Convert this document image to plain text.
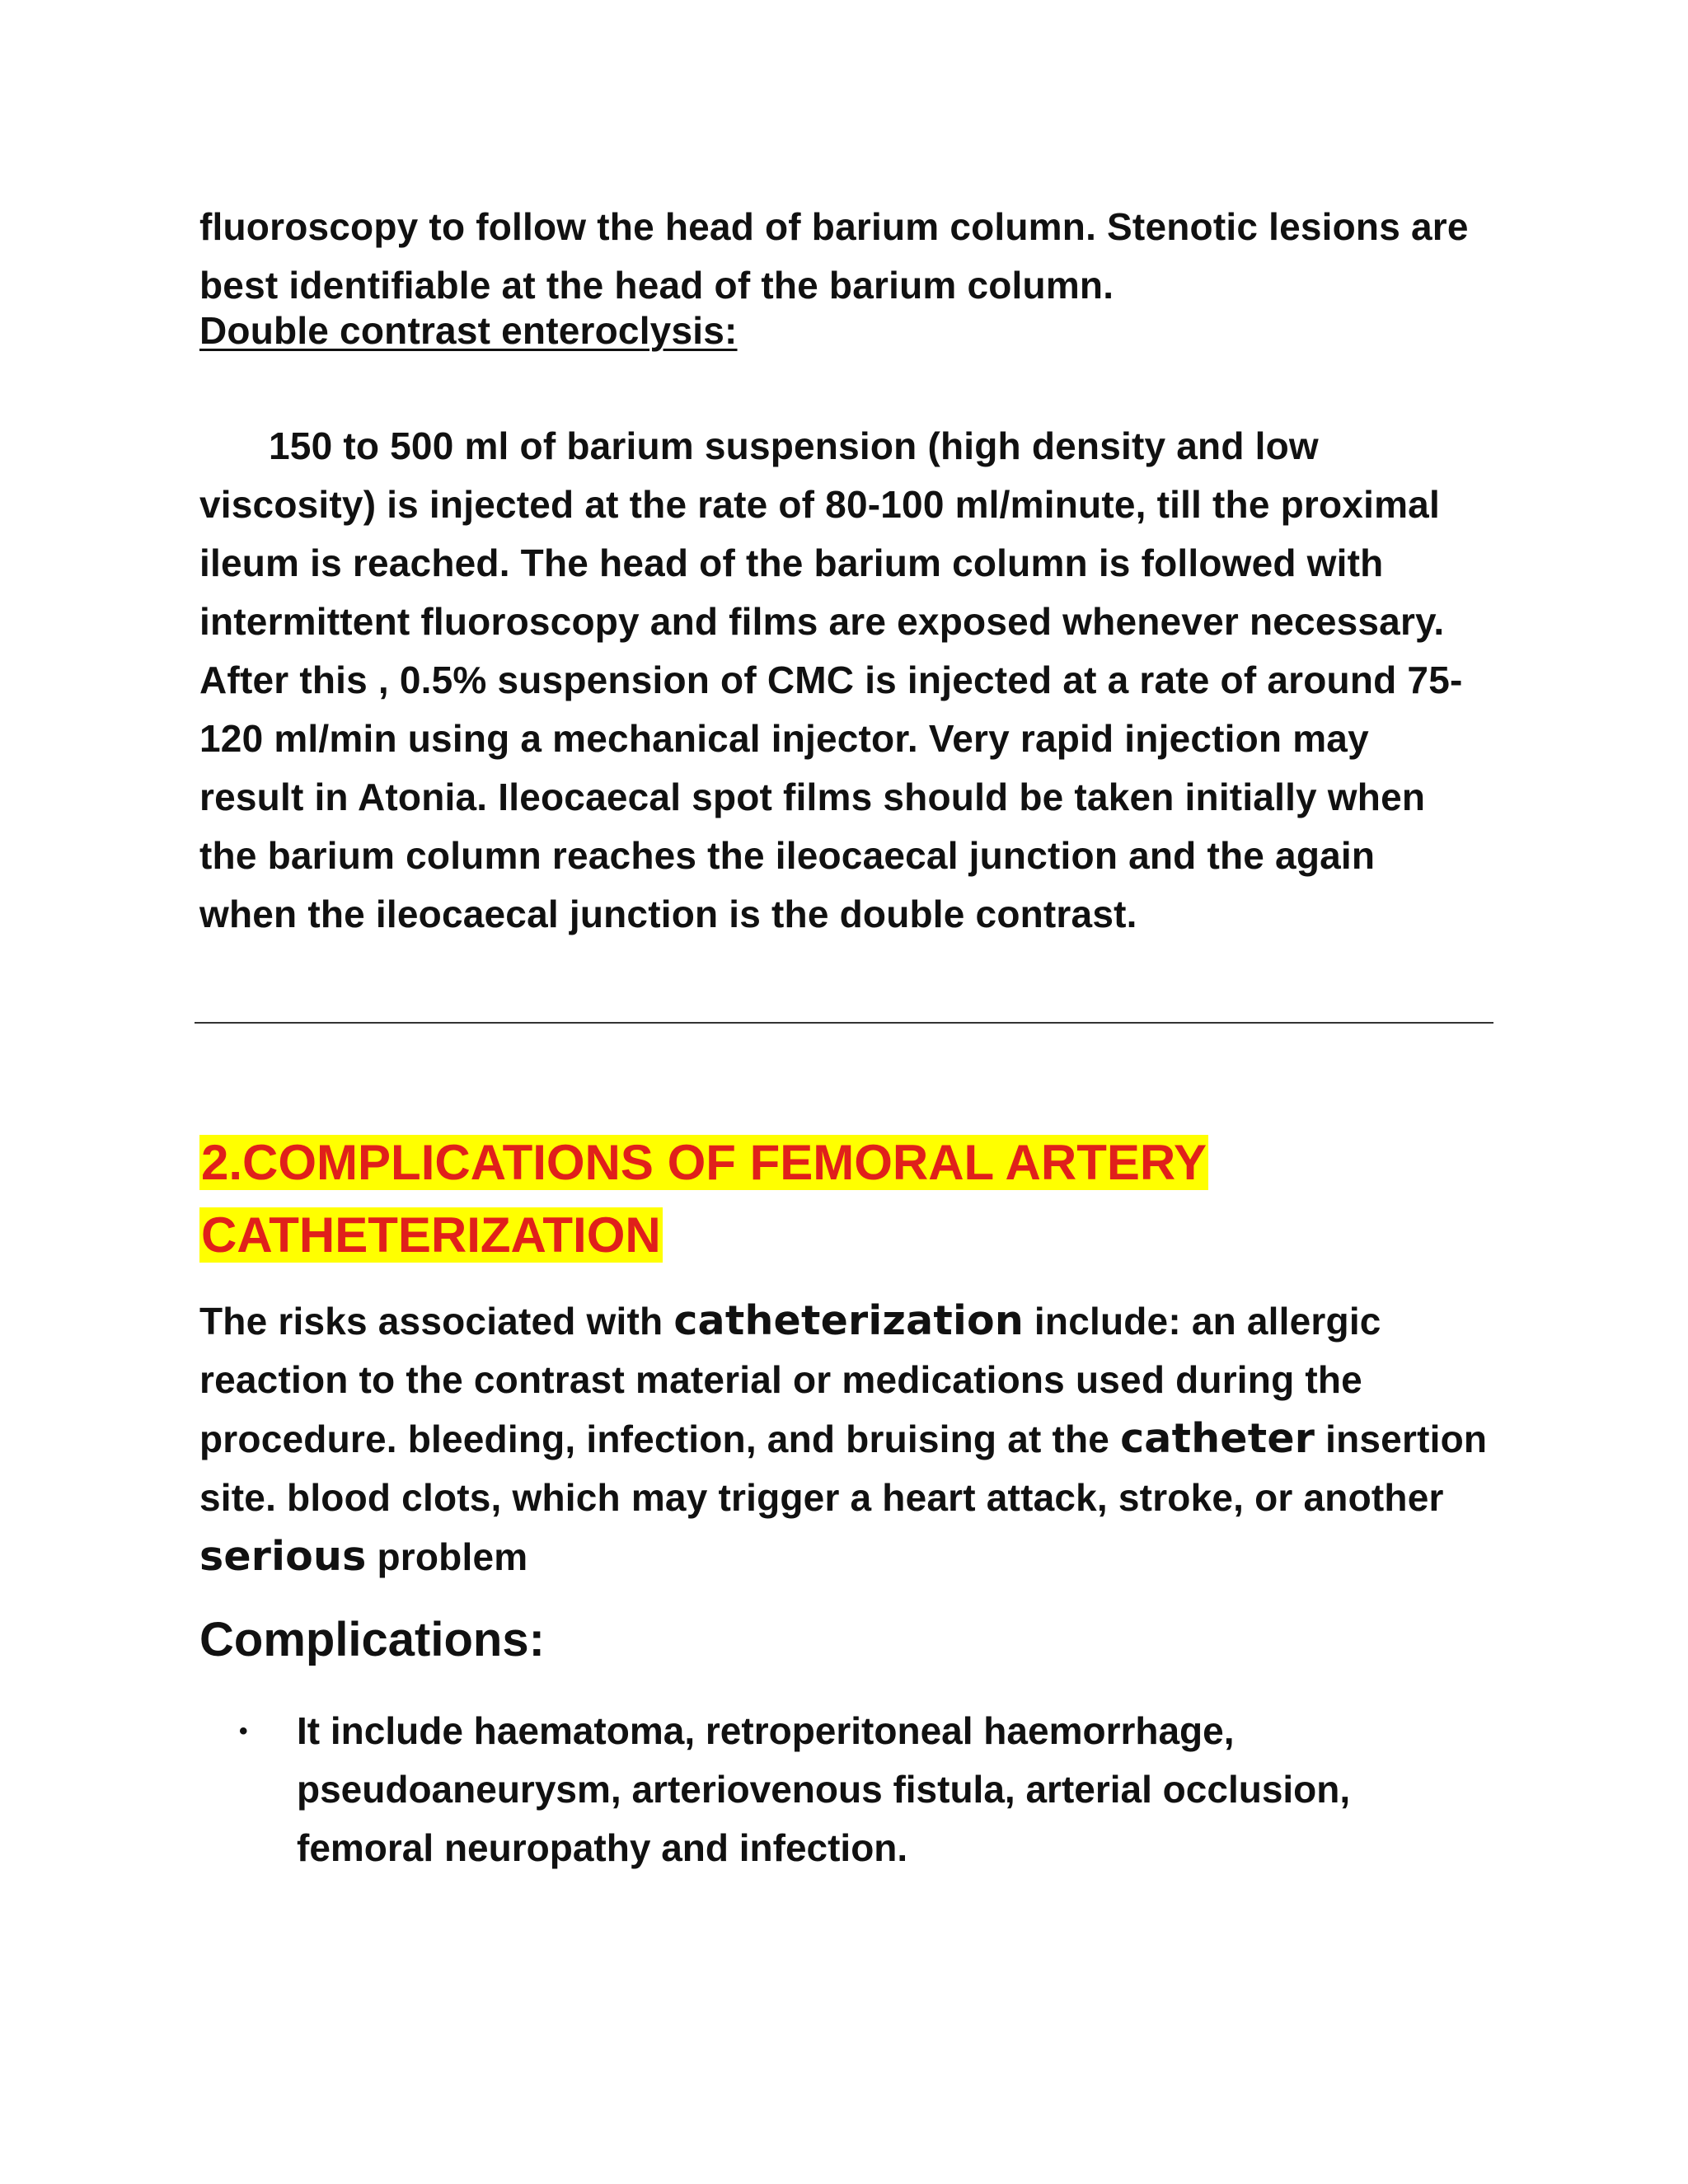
fluoroscopy to follow the head of barium column. Stenotic lesions are
best identifiable at the head of the barium column.
Double contrast enteroclysis:
150 to 500 ml of barium suspension (high density and low
viscosity) is injected at the rate of 80-100 ml/minute, till the proximal
ileum is reached. The head of the barium column is followed with
intermittent fluoroscopy and films are exposed whenever necessary.
After this , 0.5% suspension of CMC is injected at a rate of around 75-
120 ml/min using a mechanical injector. Very rapid injection may
result in Atonia. Ileocaecal spot films should be taken initially when
the barium column reaches the ileocaecal junction and the again
when the ileocaecal junction is the double contrast.
2.COMPLICATIONS OF FEMORAL ARTERY
CATHETERIZATION
The risks associated with catheterization include: an allergic
reaction to the contrast material or medications used during the
procedure. bleeding, infection, and bruising at the catheter insertion
site. blood clots, which may trigger a heart attack, stroke, or another
serious problem
Complications:
• It include haematoma, retroperitoneal haemorrhage,
pseudoaneurysm, arteriovenous fistula, arterial occlusion,
femoral neuropathy and infection.
